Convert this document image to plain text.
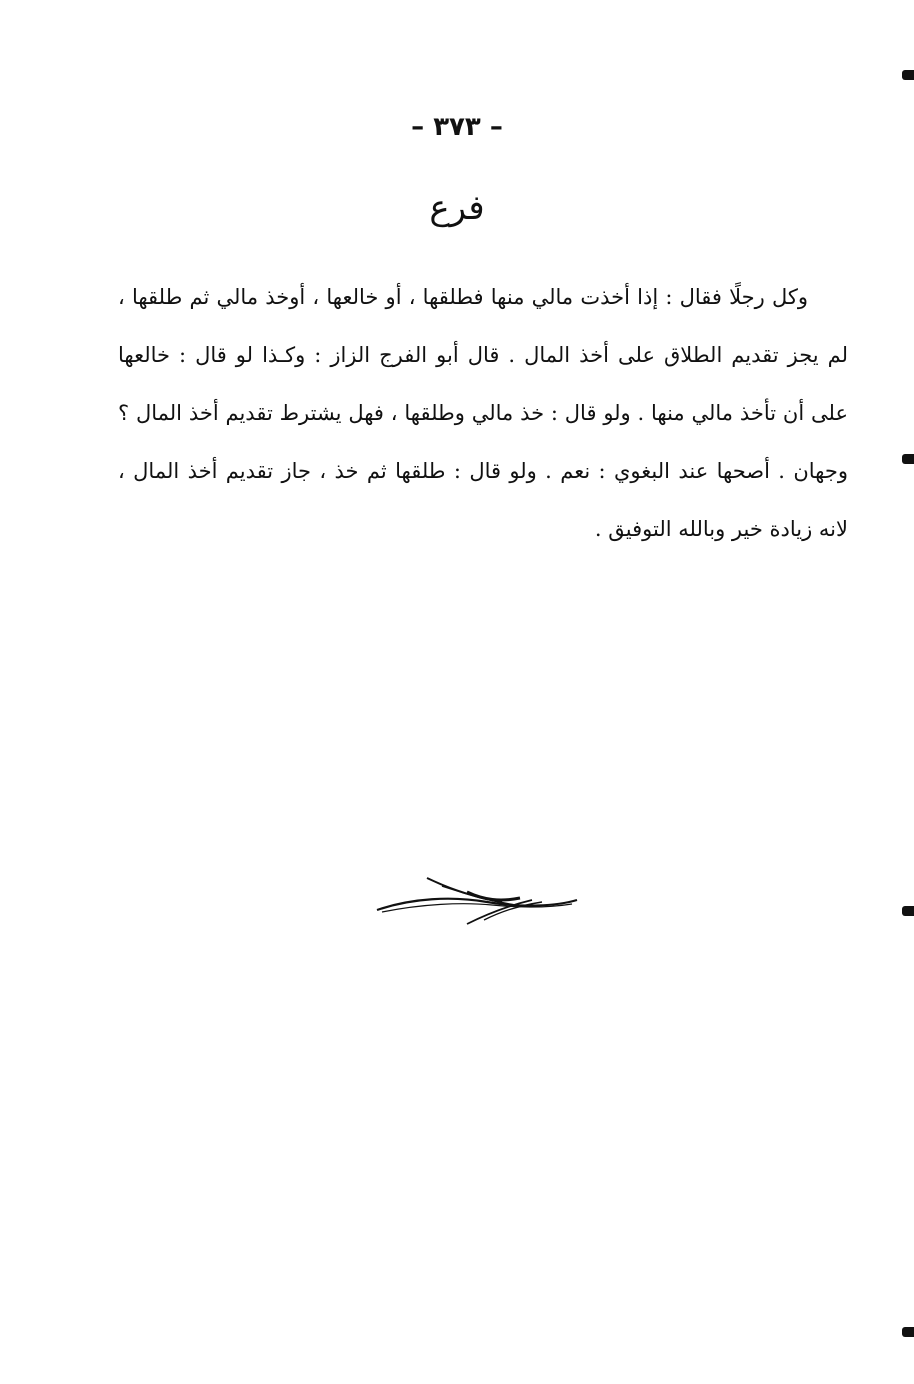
– ٣٧٣ –
فرع

وكل رجلًا فقال : إذا أخذت مالي منها فطلقها ، أو خالعها ، أوخذ مالي ثم طلقها ، لم يجز تقديم الطلاق على أخذ المال . قال أبو الفرج الزاز : وكـذا لو قال : خالعها على أن تأخذ مالي منها . ولو قال : خذ مالي وطلقها ، فهل يشترط تقديم أخذ المال ؟ وجهان . أصحها عند البغوي : نعم . ولو قال : طلقها ثم خذ ، جاز تقديم أخذ المال ، لانه زيادة خير وبالله التوفيق .
